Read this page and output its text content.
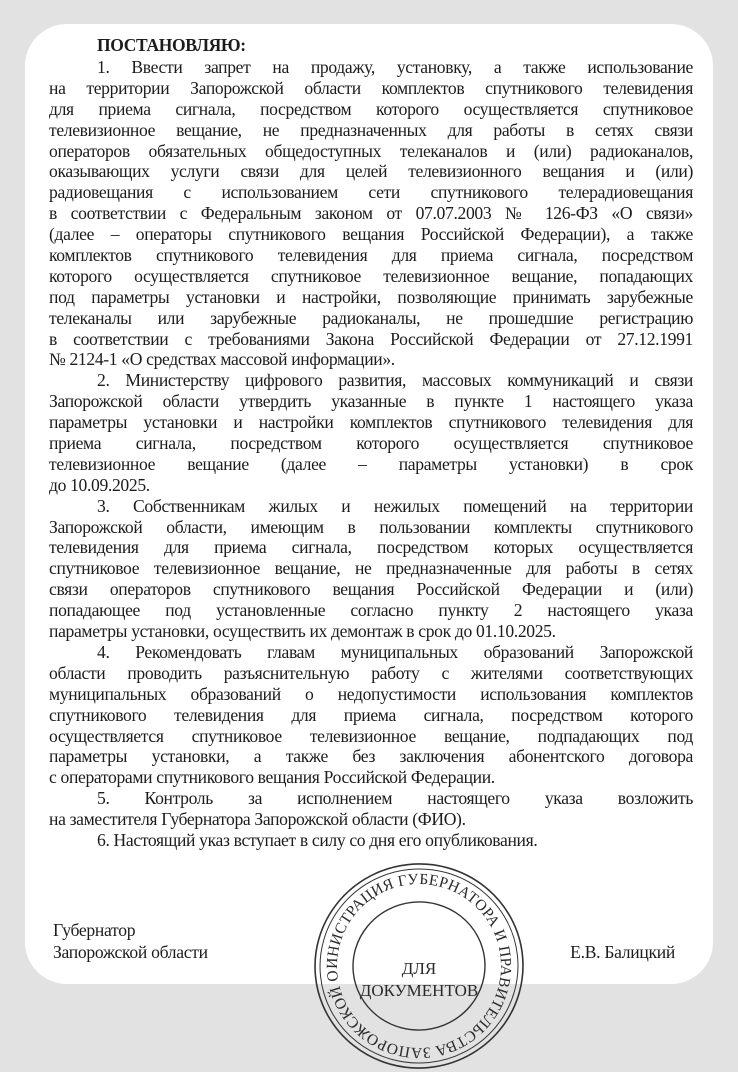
ПОСТАНОВЛЯЮ:
1. Ввести запрет на продажу, установку, а также использование
на территории Запорожской области комплектов спутникового телевидения
для приема сигнала, посредством которого осуществляется спутниковое
телевизионное вещание, не предназначенных для работы в сетях связи
операторов обязательных общедоступных телеканалов и (или) радиоканалов,
оказывающих услуги связи для целей телевизионного вещания и (или)
радиовещания с использованием сети спутникового телерадиовещания
в соответствии с Федеральным законом от 07.07.2003 № 126-ФЗ «О связи»
(далее – операторы спутникового вещания Российской Федерации), а также
комплектов спутникового телевидения для приема сигнала, посредством
которого осуществляется спутниковое телевизионное вещание, попадающих
под параметры установки и настройки, позволяющие принимать зарубежные
телеканалы или зарубежные радиоканалы, не прошедшие регистрацию
в соответствии с требованиями Закона Российской Федерации от 27.12.1991
№ 2124-1 «О средствах массовой информации».
2. Министерству цифрового развития, массовых коммуникаций и связи
Запорожской области утвердить указанные в пункте 1 настоящего указа
параметры установки и настройки комплектов спутникового телевидения для
приема сигнала, посредством которого осуществляется спутниковое
телевизионное вещание (далее – параметры установки) в срок
до 10.09.2025.
3. Собственникам жилых и нежилых помещений на территории
Запорожской области, имеющим в пользовании комплекты спутникового
телевидения для приема сигнала, посредством которых осуществляется
спутниковое телевизионное вещание, не предназначенные для работы в сетях
связи операторов спутникового вещания Российской Федерации и (или)
попадающее под установленные согласно пункту 2 настоящего указа
параметры установки, осуществить их демонтаж в срок до 01.10.2025.
4. Рекомендовать главам муниципальных образований Запорожской
области проводить разъяснительную работу с жителями соответствующих
муниципальных образований о недопустимости использования комплектов
спутникового телевидения для приема сигнала, посредством которого
осуществляется спутниковое телевизионное вещание, подпадающих под
параметры установки, а также без заключения абонентского договора
с операторами спутникового вещания Российской Федерации.
5. Контроль за исполнением настоящего указа возложить
на заместителя Губернатора Запорожской области (ФИО).
6. Настоящий указ вступает в силу со дня его опубликования.
Губернатор
Запорожской области	Е.В. Балицкий
АДМИНИСТРАЦИЯ ГУБЕРНАТОРА И ПРАВИТЕЛЬСТВА ЗАПОРОЖСКОЙ ОБЛАСТИ
ДЛЯ
ДОКУМЕНТОВ
